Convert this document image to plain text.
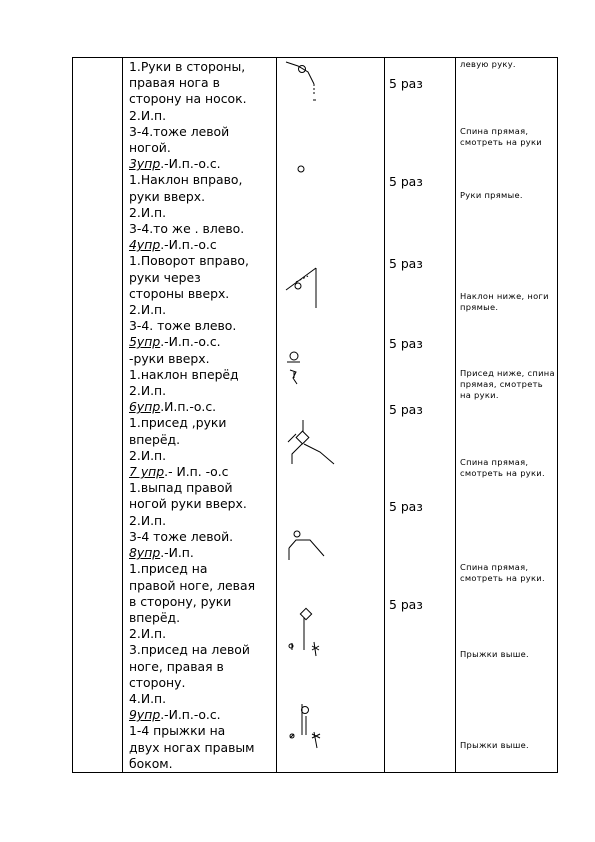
1.Руки в стороны,
правая нога в
сторону на носок.
2.И.п.
3-4.тоже левой
ногой.
3упр.-И.п.-о.с.
1.Наклон вправо,
руки вверх.
2.И.п.
3-4.то же . влево.
4упр.-И.п.-о.с
1.Поворот вправо,
руки через
стороны вверх.
2.И.п.
3-4. тоже влево.
5упр.-И.п.-о.с.
-руки вверх.
1.наклон вперёд
2.И.п.
6упр.И.п.-о.с.
1.присед ,руки
вперёд.
2.И.п.
7 упр.- И.п. -о.с
1.выпад правой
ногой руки вверх.
2.И.п.
3-4 тоже левой.
8упр.-И.п.
1.присед на
правой ноге, левая
в сторону, руки
вперёд.
2.И.п.
3.присед на левой
ноге, правая в
сторону.
4.И.п.
9упр.-И.п.-о.с.
1-4 прыжки на
двух ногах правым
боком.
5 раз
5 раз
5 раз
5 раз
5 раз
5 раз
5 раз
левую руку.
Спина прямая, смотреть на руки
Руки прямые.
Наклон ниже, ноги прямые.
Присед ниже, спина прямая, смотреть на руки.
Спина прямая, смотреть на руки.
Спина прямая, смотреть на руки.
Прыжки выше.
Прыжки выше.
